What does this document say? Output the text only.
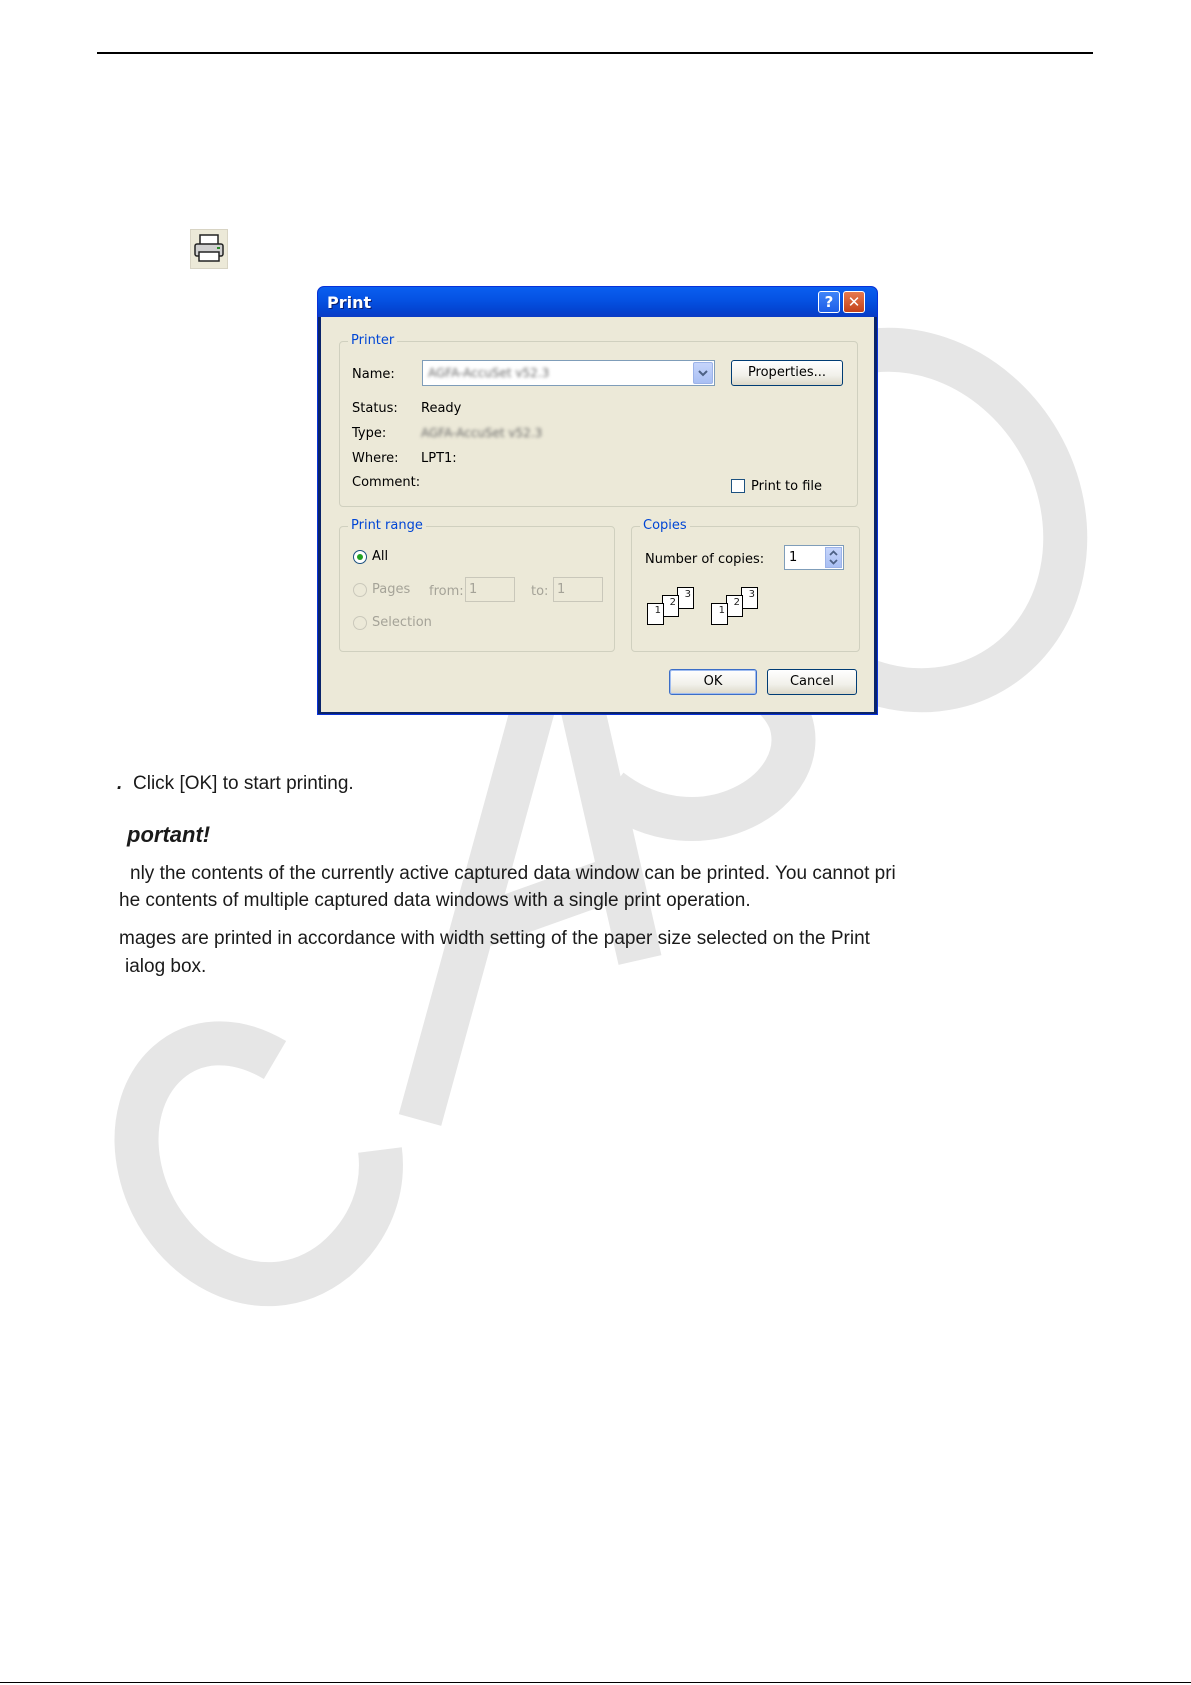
Print	? ✕
Printer
Name:	AGFA-AccuSet v52.3	Properties...
Status: Ready
Type:	AGFA-AccuSet v52.3
Where: LPT1:
Comment:	Print to file
Print range
All
Pages from: 1	to: 1
Selection
Copies
Number of copies: 1
3
2
1
3
2
1
OK	Cancel
. Click [OK] to start printing.
portant!
nly the contents of the currently active captured data window can be printed. You cannot pri
he contents of multiple captured data windows with a single print operation.
mages are printed in accordance with width setting of the paper size selected on the Print
ialog box.
